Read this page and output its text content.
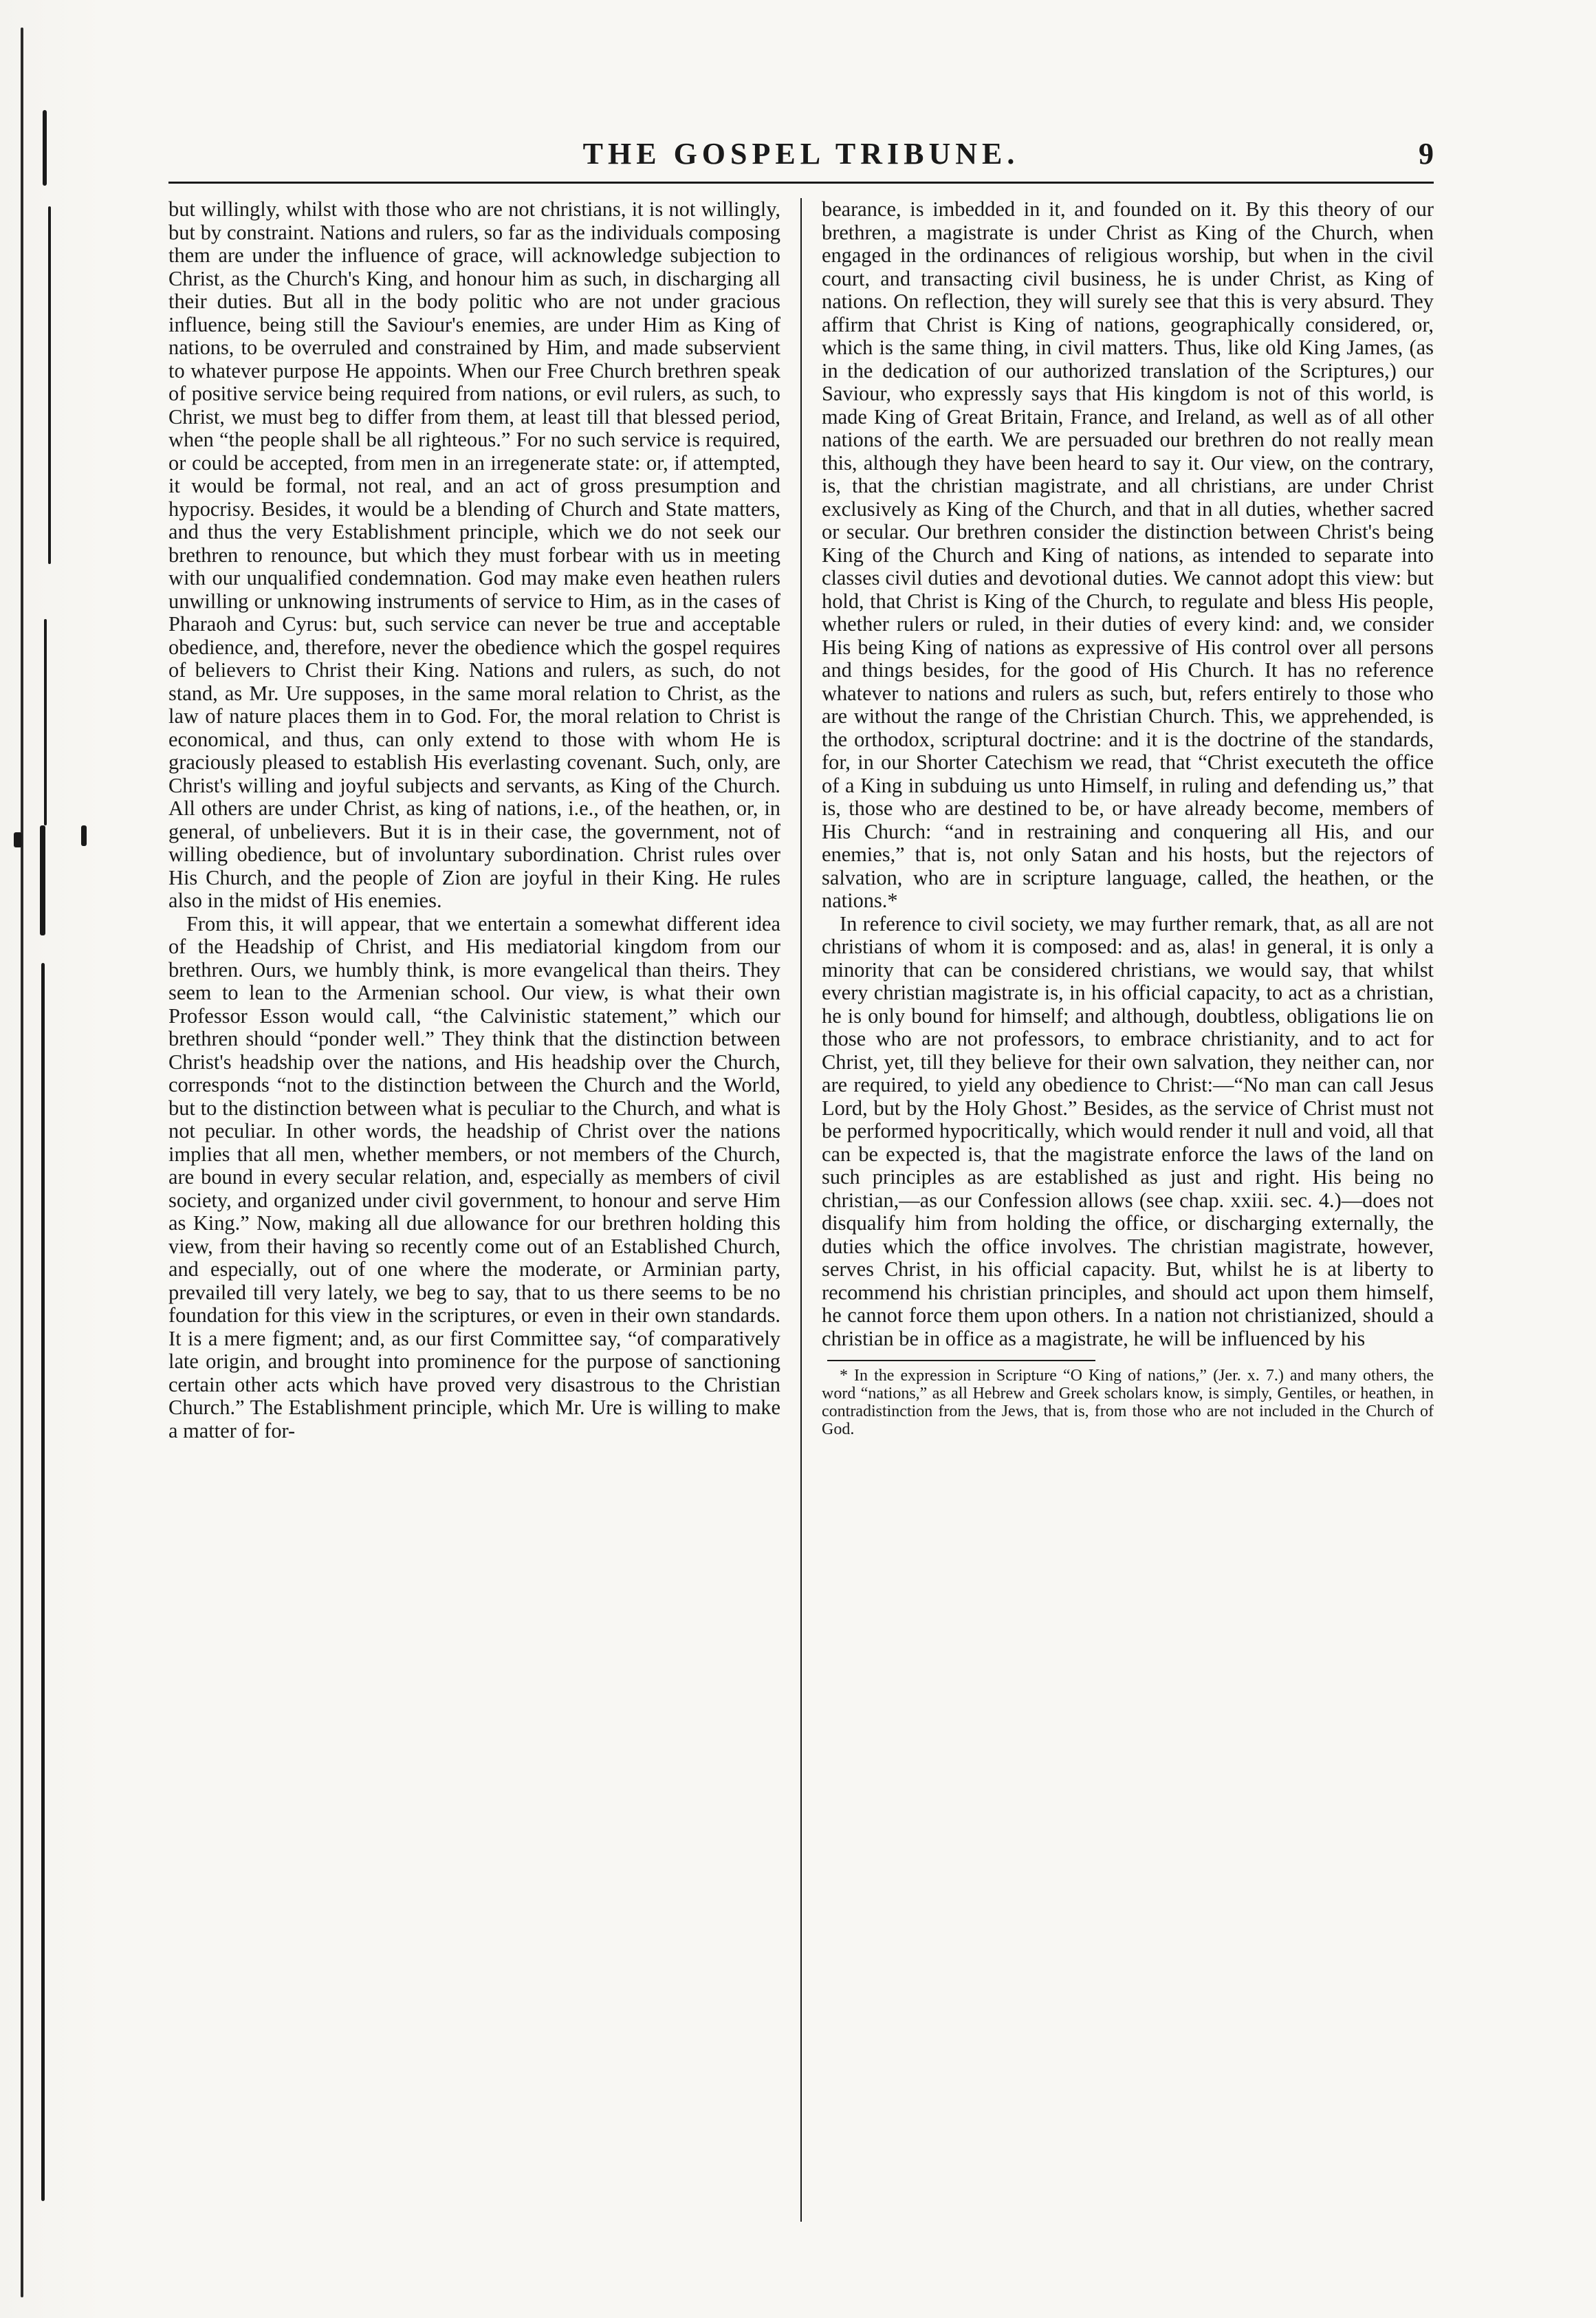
THE GOSPEL TRIBUNE.	9

but willingly, whilst with those who are not christians, it is not willingly, but by constraint. Nations and rulers, so far as the individuals composing them are under the influence of grace, will acknowledge subjection to Christ, as the Church's King, and honour him as such, in discharging all their duties. But all in the body politic who are not under gracious influence, being still the Saviour's enemies, are under Him as King of nations, to be overruled and constrained by Him, and made subservient to whatever purpose He appoints. When our Free Church brethren speak of positive service being required from nations, or evil rulers, as such, to Christ, we must beg to differ from them, at least till that blessed period, when “the people shall be all righteous.” For no such service is required, or could be accepted, from men in an irregenerate state: or, if attempted, it would be formal, not real, and an act of gross presumption and hypocrisy. Besides, it would be a blending of Church and State matters, and thus the very Establishment principle, which we do not seek our brethren to renounce, but which they must forbear with us in meeting with our unqualified condemnation. God may make even heathen rulers unwilling or unknowing instruments of service to Him, as in the cases of Pharaoh and Cyrus: but, such service can never be true and acceptable obedience, and, therefore, never the obedience which the gospel requires of believers to Christ their King. Nations and rulers, as such, do not stand, as Mr. Ure supposes, in the same moral relation to Christ, as the law of nature places them in to God. For, the moral relation to Christ is economical, and thus, can only extend to those with whom He is graciously pleased to establish His everlasting covenant. Such, only, are Christ's willing and joyful subjects and servants, as King of the Church. All others are under Christ, as king of nations, i.e., of the heathen, or, in general, of unbelievers. But it is in their case, the government, not of willing obedience, but of involuntary subordination. Christ rules over His Church, and the people of Zion are joyful in their King. He rules also in the midst of His enemies.

From this, it will appear, that we entertain a somewhat different idea of the Headship of Christ, and His mediatorial kingdom from our brethren. Ours, we humbly think, is more evangelical than theirs. They seem to lean to the Armenian school. Our view, is what their own Professor Esson would call, “the Calvinistic statement,” which our brethren should “ponder well.” They think that the distinction between Christ's headship over the nations, and His headship over the Church, corresponds “not to the distinction between the Church and the World, but to the distinction between what is peculiar to the Church, and what is not peculiar. In other words, the headship of Christ over the nations implies that all men, whether members, or not members of the Church, are bound in every secular relation, and, especially as members of civil society, and organized under civil government, to honour and serve Him as King.” Now, making all due allowance for our brethren holding this view, from their having so recently come out of an Established Church, and especially, out of one where the moderate, or Arminian party, prevailed till very lately, we beg to say, that to us there seems to be no foundation for this view in the scriptures, or even in their own standards. It is a mere figment; and, as our first Committee say, “of comparatively late origin, and brought into prominence for the purpose of sanctioning certain other acts which have proved very disastrous to the Christian Church.” The Establishment principle, which Mr. Ure is willing to make a matter of for-

bearance, is imbedded in it, and founded on it. By this theory of our brethren, a magistrate is under Christ as King of the Church, when engaged in the ordinances of religious worship, but when in the civil court, and transacting civil business, he is under Christ, as King of nations. On reflection, they will surely see that this is very absurd. They affirm that Christ is King of nations, geographically considered, or, which is the same thing, in civil matters. Thus, like old King James, (as in the dedication of our authorized translation of the Scriptures,) our Saviour, who expressly says that His kingdom is not of this world, is made King of Great Britain, France, and Ireland, as well as of all other nations of the earth. We are persuaded our brethren do not really mean this, although they have been heard to say it. Our view, on the contrary, is, that the christian magistrate, and all christians, are under Christ exclusively as King of the Church, and that in all duties, whether sacred or secular. Our brethren consider the distinction between Christ's being King of the Church and King of nations, as intended to separate into classes civil duties and devotional duties. We cannot adopt this view: but hold, that Christ is King of the Church, to regulate and bless His people, whether rulers or ruled, in their duties of every kind: and, we consider His being King of nations as expressive of His control over all persons and things besides, for the good of His Church. It has no reference whatever to nations and rulers as such, but, refers entirely to those who are without the range of the Christian Church. This, we apprehended, is the orthodox, scriptural doctrine: and it is the doctrine of the standards, for, in our Shorter Catechism we read, that “Christ executeth the office of a King in subduing us unto Himself, in ruling and defending us,” that is, those who are destined to be, or have already become, members of His Church: “and in restraining and conquering all His, and our enemies,” that is, not only Satan and his hosts, but the rejectors of salvation, who are in scripture language, called, the heathen, or the nations.*

In reference to civil society, we may further remark, that, as all are not christians of whom it is composed: and as, alas! in general, it is only a minority that can be considered christians, we would say, that whilst every christian magistrate is, in his official capacity, to act as a christian, he is only bound for himself; and although, doubtless, obligations lie on those who are not professors, to embrace christianity, and to act for Christ, yet, till they believe for their own salvation, they neither can, nor are required, to yield any obedience to Christ:—“No man can call Jesus Lord, but by the Holy Ghost.” Besides, as the service of Christ must not be performed hypocritically, which would render it null and void, all that can be expected is, that the magistrate enforce the laws of the land on such principles as are established as just and right. His being no christian,—as our Confession allows (see chap. xxiii. sec. 4.)—does not disqualify him from holding the office, or discharging externally, the duties which the office involves. The christian magistrate, however, serves Christ, in his official capacity. But, whilst he is at liberty to recommend his christian principles, and should act upon them himself, he cannot force them upon others. In a nation not christianized, should a christian be in office as a magistrate, he will be influenced by his

* In the expression in Scripture “O King of nations,” (Jer. x. 7.) and many others, the word “nations,” as all Hebrew and Greek scholars know, is simply, Gentiles, or heathen, in contradistinction from the Jews, that is, from those who are not included in the Church of God.
